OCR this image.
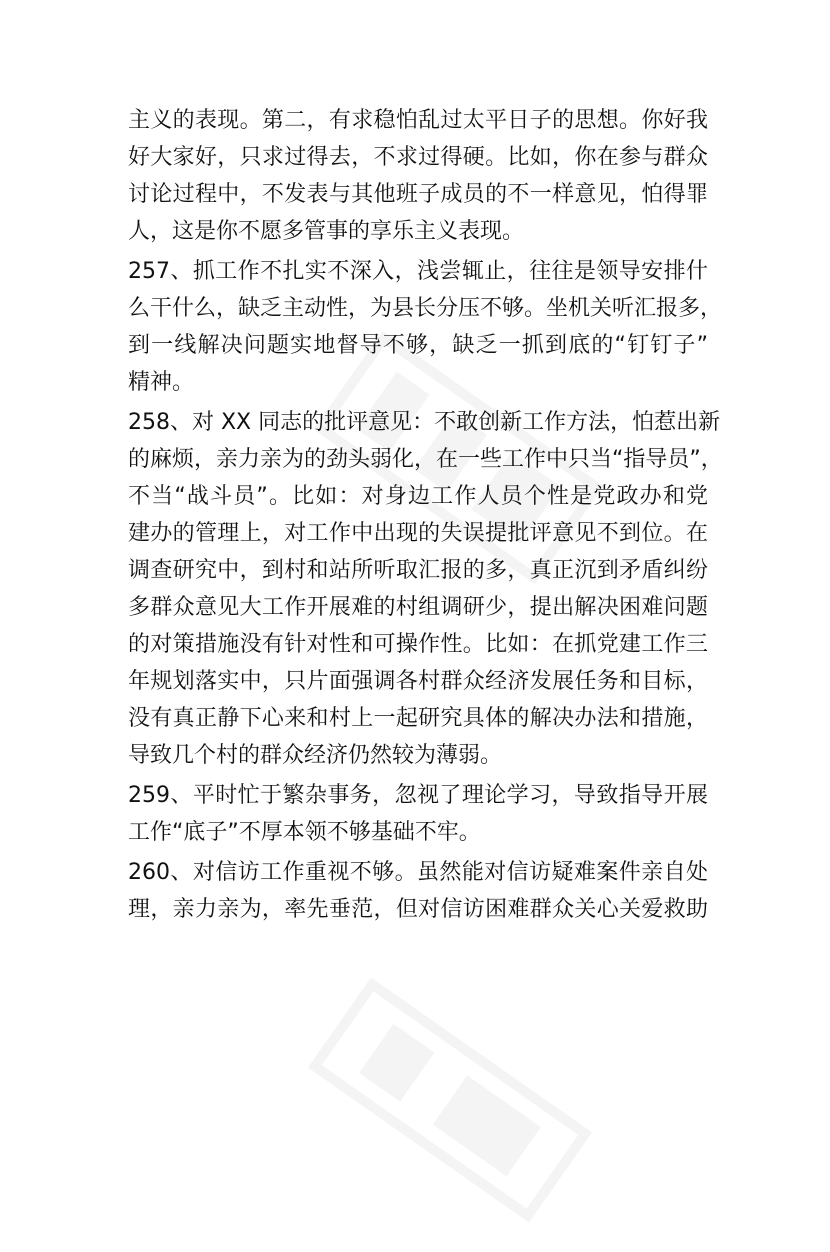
主义的表现。第二，有求稳怕乱过太平日子的思想。你好我
好大家好，只求过得去，不求过得硬。比如，你在参与群众
讨论过程中，不发表与其他班子成员的不一样意见，怕得罪
人，这是你不愿多管事的享乐主义表现。

257、抓工作不扎实不深入，浅尝辄止，往往是领导安排什
么干什么，缺乏主动性，为县长分压不够。坐机关听汇报多，
到一线解决问题实地督导不够，缺乏一抓到底的“钉钉子”
精神。

258、对 XX 同志的批评意见：不敢创新工作方法，怕惹出新
的麻烦，亲力亲为的劲头弱化，在一些工作中只当“指导员”，
不当“战斗员”。比如：对身边工作人员个性是党政办和党
建办的管理上，对工作中出现的失误提批评意见不到位。在
调查研究中，到村和站所听取汇报的多，真正沉到矛盾纠纷
多群众意见大工作开展难的村组调研少，提出解决困难问题
的对策措施没有针对性和可操作性。比如：在抓党建工作三
年规划落实中，只片面强调各村群众经济发展任务和目标，
没有真正静下心来和村上一起研究具体的解决办法和措施，
导致几个村的群众经济仍然较为薄弱。

259、平时忙于繁杂事务，忽视了理论学习，导致指导开展
工作“底子”不厚本领不够基础不牢。

260、对信访工作重视不够。虽然能对信访疑难案件亲自处
理，亲力亲为，率先垂范，但对信访困难群众关心关爱救助
